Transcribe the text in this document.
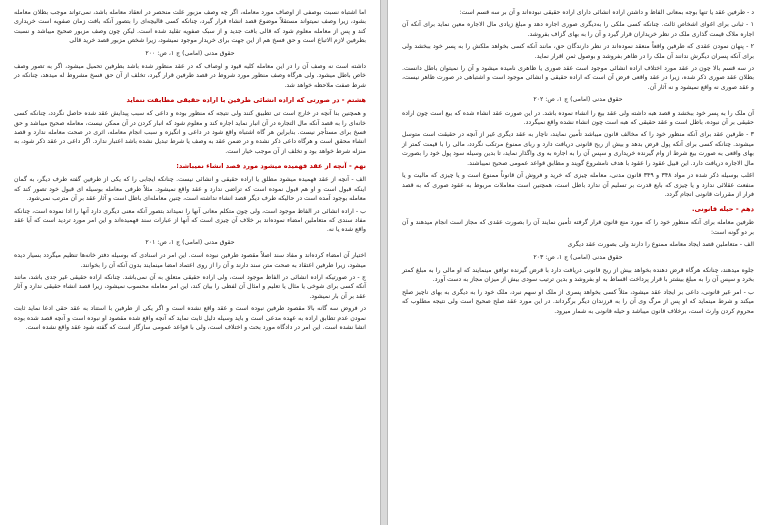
اما اشتباه نسبت بوصفی از اوصاف مورد معامله، اگر چه وصف مزبور علت منحصر در انعقاد معامله باشد، نمی‌تواند موجب بطلان معامله بشود، زیرا وصف نمیتواند مستقلاً موضوع قصد انشاء قرار گیرد، چنانکه کسی قالیچه‌ای را بتصور آنکه بافت زمان صفویه است خریداری کند و پس از معامله معلوم شود که قالی بافت جدید و از سبک صفویه تقلید شده است. لیکن چون وصف مزبور صحیح میباشد و نسبت بطرفین لازم الاتباع است و حق فسخ هم از این جهت برای خریدار موجود نمیشود، زیرا شخص مزبور قصد خرید قالی

حقوق مدنی (امامی) ج ۱، ص: ۲۰۰

داشته است نه وصف آن را در این معامله کلیه قیود و اوصاف که در عقد منظور شده باشد بطرفین تحمیل میشود، اگر به تصور وصف خاص باطل میشود. ولی هرگاه وصف منظور مورد شروط در قصد طرفین قرار گیرد، تخلف از آن حق فسخ مشروط له میدهد، چنانکه در شرط صفت ملاحظه خواهد شد.

هشتم - در صورتی که اراده انشائی طرفین با اراده حقیقی مطابقت ننماید

و همچنین بنا آنچه در خارج است تی تطبیق کنند ولی نتیجه که منظور بوده و داعی که سبب پیدایش عقد شده حاصل نگردد، چنانکه کسی خانه‌ای را به قصد آنکه مال التجاره در آن انبار نماید اجاره کند و معلوم شود که انبار کردن در آن ممکن نیست، معامله صحیح میباشد و حق فسخ برای مستأجر نیست. بنابراین هر گاه اشتباه واقع شود در داعی و انگیزه و سبب انجام معامله، اثری در صحت معامله ندارد و قصد انشاء محقق است و هرگاه داعی ذکر نشده و در ضمن عقد به وصف یا شرط تبدیل نشده باشد اعتبار ندارد. اگر داعی در عقد ذکر شود، به منزله شرط خواهد بود و تخلف از آن موجب خیار است.

نهم - آنچه از عقد فهمیده میشود مورد قصد انشاء نمیباشد:

الف - آنچه از عقد فهمیده میشود مطلق یا اراده حقیقی و انشائی نیست. چنانکه ایجابی را که یکی از طرفین گفته طرف دیگر، به گمان اینکه قبول است و او هم قبول نموده است که تراضی ندارد و عقد واقع نمیشود. مثلاً طرفی معامله بوسیله ای قبول خود تصور کند که معامله بوجود آمده است در حالیکه طرف دیگر قصد انشاء نداشته است، چنین معامله‌ای باطل است و آثار عقد بر آن مترتب نمی‌شود.

ب - اراده انشائی در الفاظ موجود است، ولی چون متکلم معانی آنها را نمیداند بتصور آنکه معنی دیگری دارد آنها را ادا نموده است، چنانکه مفاد سندی که متعاملین امضاء نموده‌اند بر خلاف آن چیزی است که آنها از عبارات سند فهمیده‌اند و این امر مورد تردید است که آیا عقد واقع شده یا نه.

حقوق مدنی (امامی) ج ۱، ص: ۲۰۱

اختیار آن امضاء کرده‌اند و مفاد سند اصلاً مقصود طرفین نبوده است. این امر در اسنادی که بوسیله دفتر خانه‌ها تنظیم میگردد بسیار دیده میشود، زیرا طرفین اعتقاد به صحت متن سند دارند و آن را از روی اعتماد امضا مینمایند بدون آنکه آن را بخوانند.

ج - در صورتیکه اراده انشائی در الفاظ موجود است، ولی اراده حقیقی متعلق به آن نمی‌باشد. چنانکه اراده حقیقی غیر جدی باشد، مانند آنکه کسی برای شوخی یا مثال یا تعلیم و امثال آن لفظی را بیان کند، این امر معامله محسوب نمیشود، زیرا قصد انشاء حقیقی ندارد و آثار عقد بر آن بار نمیشود.

در فروض سه گانه بالا مقصود طرفین نبوده است و عقد واقع نشده است و اگر یکی از طرفین با استناد به عقد حقی ادعا نماید ثابت نمودن عدم تطابق اراده به عهده مدعی است و باید وسیله دلیل ثابت نماید که آنچه واقع شده مقصود او نبوده است و آنچه قصد شده بوده انشا نشده است. این امر در دادگاه مورد بحث و اختلاف است، ولی با قواعد عمومی سازگار است که گفته شود عقد واقع نشده است.

د - طرفین عقد یا تنها بوجه بمعانی الفاظ و داشتن اراده انشائی دارای اراده حقیقی نبوده‌اند و آن بر سه قسم است:

۱ - ثبانی برای اغوای اشخاص ثالث. چنانکه کسی ملکی را به‌دیگری صوری اجاره دهد و مبلغ زیادی مال الاجاره معین نماید برای آنکه آن اجاره ملاک قیمت گذاری ملک در نظر خریداران قرار گیرد و آن را به بهای گزاف بفروشد.

۲ - پنهان نمودن عقدی که طرفین واقعاً منعقد نموده‌اند در نظر دارندگان حق، مانند آنکه کسی بخواهد ملکش را به پسر خود ببخشد ولی برای آنکه پسران دیگرش ندانند آن ملک را در ظاهر بفروشد و بوصول ثمن اقرار نماید.

در سه قسم بالا چون در عقد مورد اختلاف اراده انشائی موجود است عقد صوری یا ظاهری نامیده میشود و آن را نمیتوان باطل دانست. بطلان عقد صوری ذکر شده، زیرا در عقد واقعی فرض آن است که اراده حقیقی و انشائی موجود است و اشتباهی در صورت ظاهر نیست، و عقد صوری نه واقع نمیشود و نه آثار آن.

حقوق مدنی (امامی) ج ۱، ص: ۲۰۲

آن ملک را به پسر خود ببخشد و قصد هبه داشته ولی عقد بیع را انشاء نموده باشد. در این صورت عقد انشاء شده که بیع است چون اراده حقیقی بر آن نبوده، باطل است و عقد حقیقی که هبه است چون انشاء نشده واقع نمیگردد.

۳ - طرفین عقد برای آنکه منظور خود را که مخالف قانون میباشد تأمین نمایند، ناچار به عقد دیگری غیر از آنچه در حقیقت است متوسل میشوند. چنانکه کسی برای آنکه پول قرض بدهد و بیش از ربح قانونی دریافت دارد و ربای ممنوع مرتکب نگردد، مالی را با قیمت کمتر از بهای واقعی به صورت بیع شرط از وام گیرنده خریداری و سپس آن را به اجاره به وی واگذار نماید، تا بدین وسیله سود پول خود را بصورت مال الاجاره دریافت دارد. این قبیل عقود را عقود با هدف نامشروع گویند و مطابق قواعد عمومی صحیح نمیباشند.

اغلب بوسیله ذکر شده در مواد ۳۴۸ و ۳۴۹ قانون مدنی، معامله چیزی که خرید و فروش آن قانوناً ممنوع است و یا چیزی که مالیت و یا منفعت عقلائی ندارد و یا چیزی که بایع قدرت بر تسلیم آن ندارد باطل است، همچنین است معاملات مربوط به عقود صوری که به قصد فرار از مقررات قانونی انجام گردد.

دهم - حیله قانونی.

طرفین معامله برای آنکه منظور خود را که مورد منع قانون قرار گرفته تأمین نمایند آن را بصورت عقدی که مجاز است انجام میدهند و آن بر دو گونه است:

الف - متعاملین قصد ایجاد معامله ممنوع را دارند ولی بصورت عقد دیگری

حقوق مدنی (امامی) ج ۱، ص: ۲۰۳

جلوه میدهند، چنانکه هرگاه قرض دهنده بخواهد بیش از ربح قانونی دریافت دارد با قرض گیرنده توافق مینمایند که او مالی را به مبلغ کمتر بخرد و سپس آن را به مبلغ بیشتر با قرار پرداخت اقساط به او بفروشد و بدین ترتیب سودی بیش از میزان مجاز به دست آورد.

ب - امر غیر قانونی، داعی بر ایجاد عقد میشود، مثلاً کسی بخواهد پسری از ملک او سهم نبرد، ملک خود را به دیگری به بهای ناچیز صلح میکند و شرط مینماید که او پس از مرگ وی آن را به فرزندان دیگر برگرداند. در این مورد عقد صلح صحیح است ولی نتیجه مطلوب که محروم کردن وارث است، برخلاف قانون میباشد و حیله قانونی به شمار میرود.
